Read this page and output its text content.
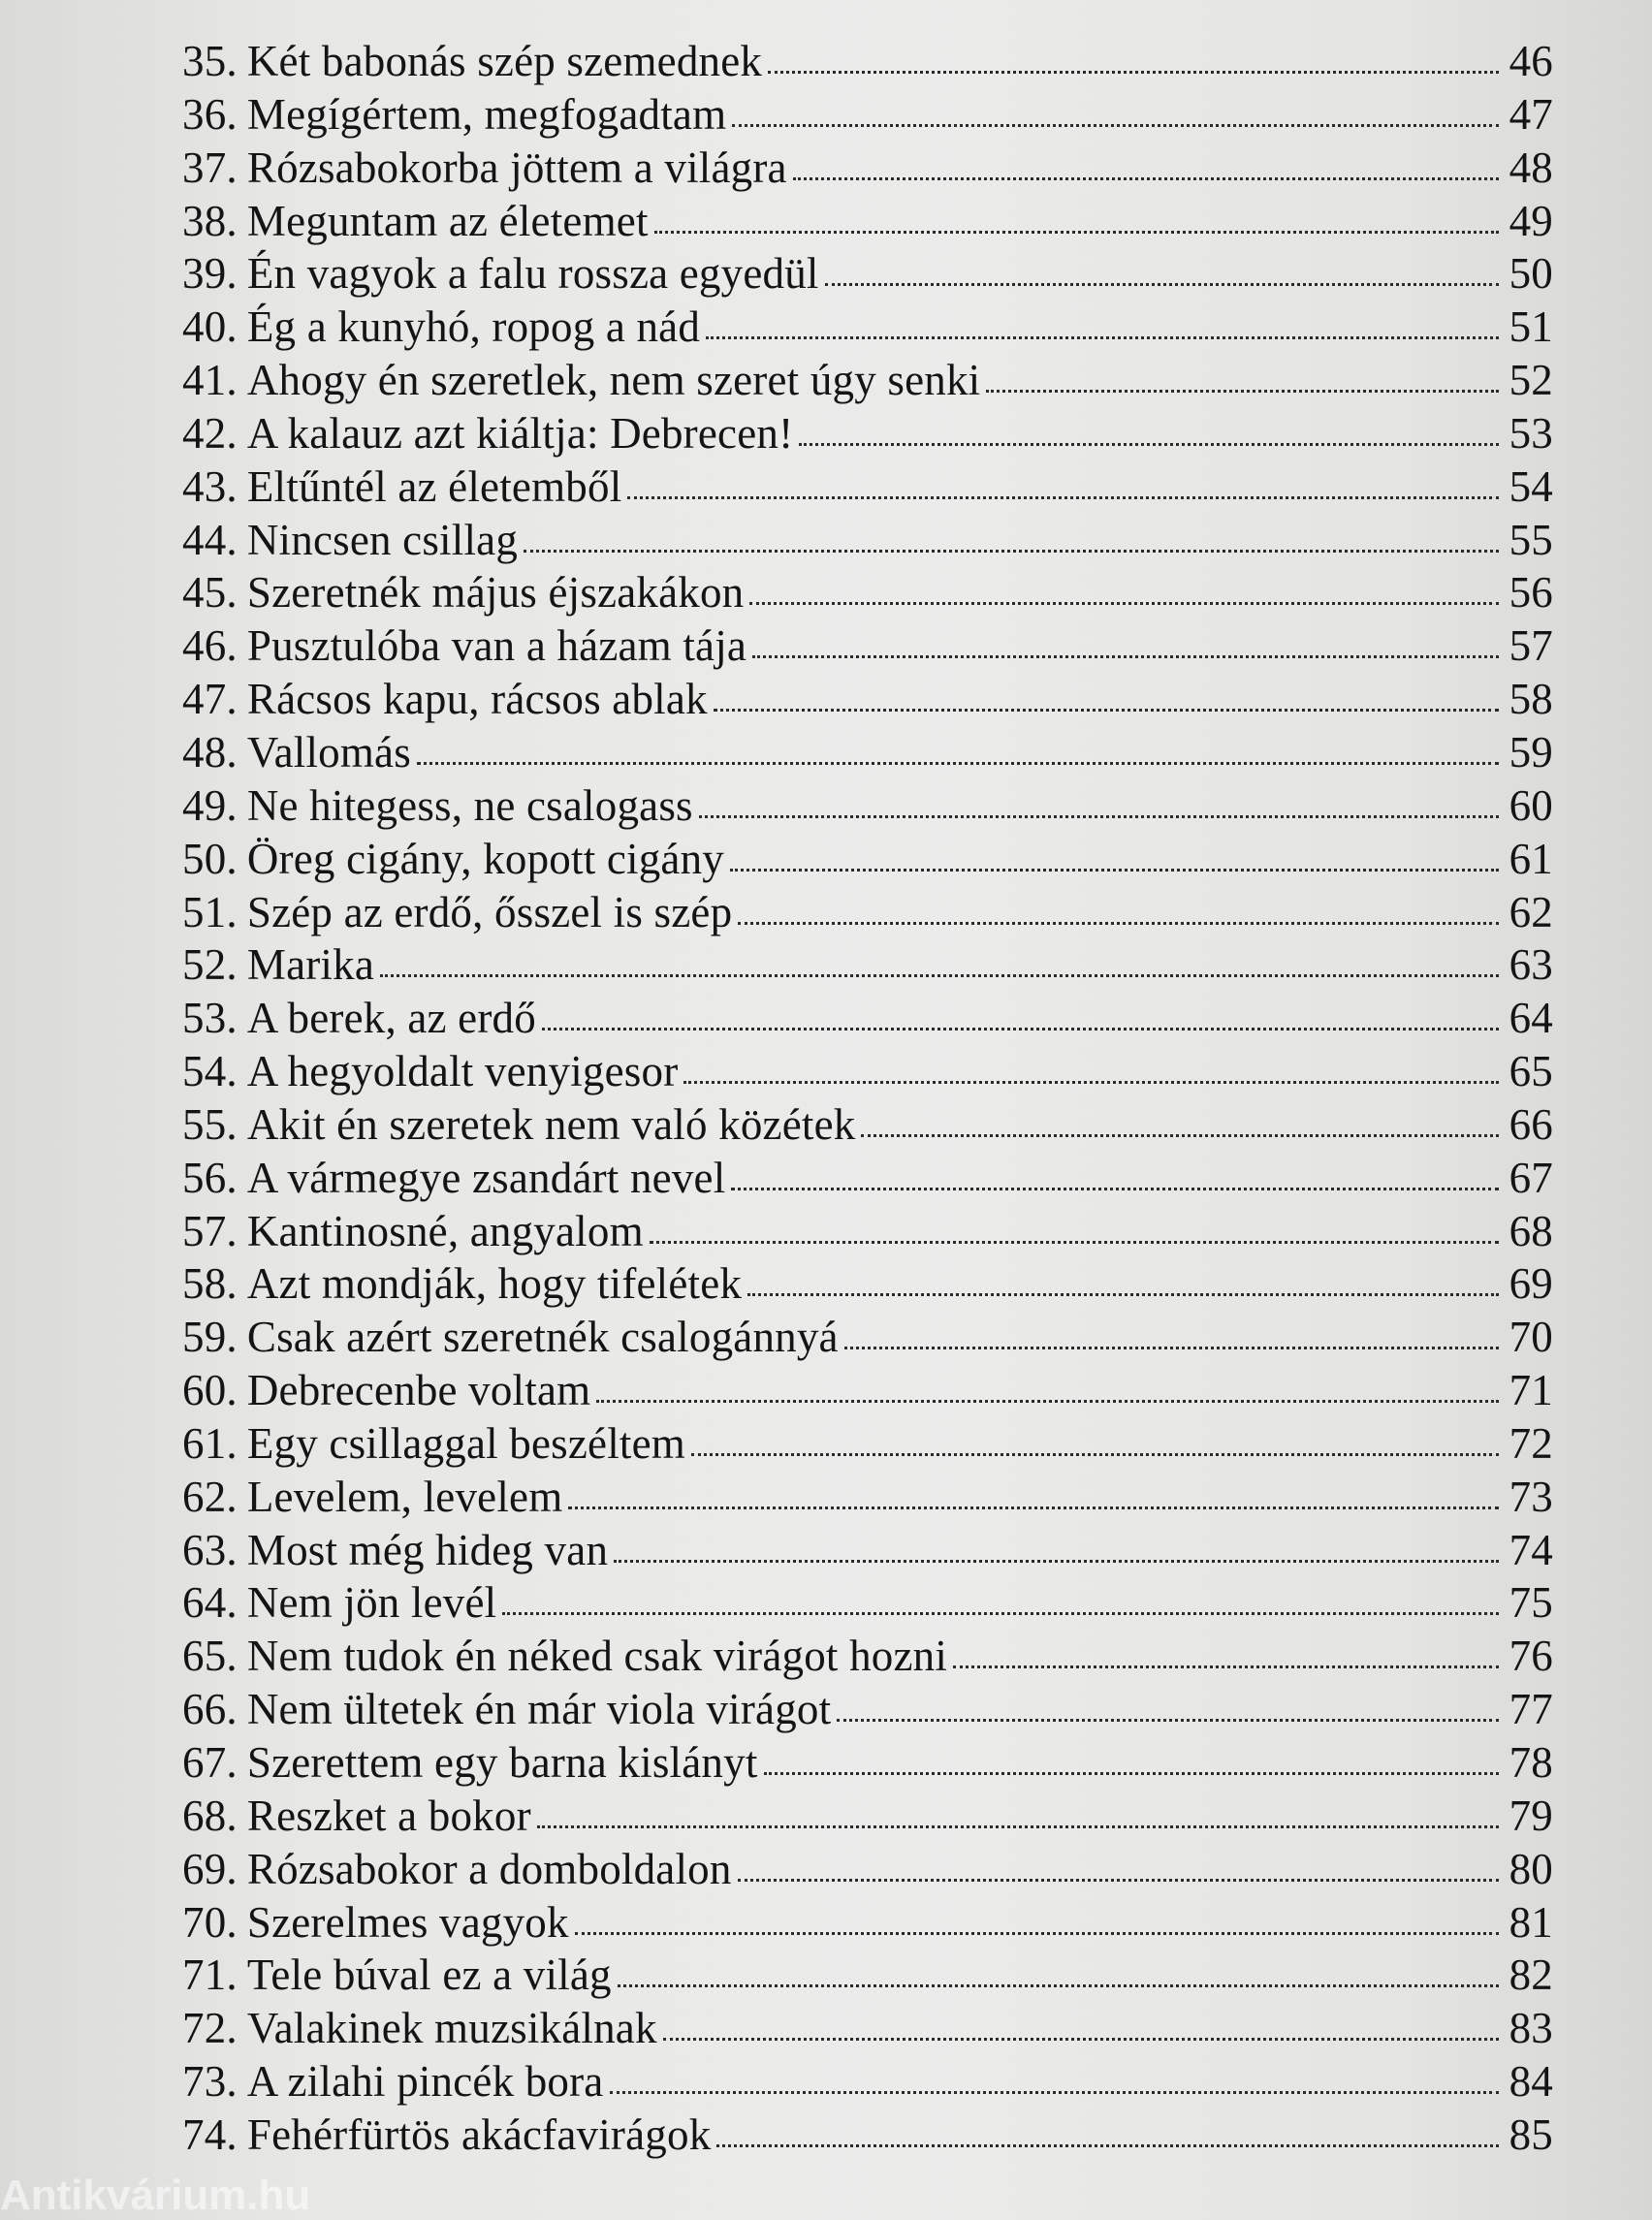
35. Két babonás szép szemednek	46
36. Megígértem, megfogadtam	47
37. Rózsabokorba jöttem a világra	48
38. Meguntam az életemet	49
39. Én vagyok a falu rossza egyedül	50
40. Ég a kunyhó, ropog a nád	51
41. Ahogy én szeretlek, nem szeret úgy senki	52
42. A kalauz azt kiáltja: Debrecen!	53
43. Eltűntél az életemből	54
44. Nincsen csillag	55
45. Szeretnék május éjszakákon	56
46. Pusztulóba van a házam tája	57
47. Rácsos kapu, rácsos ablak	58
48. Vallomás	59
49. Ne hitegess, ne csalogass	60
50. Öreg cigány, kopott cigány	61
51. Szép az erdő, ősszel is szép	62
52. Marika	63
53. A berek, az erdő	64
54. A hegyoldalt venyigesor	65
55. Akit én szeretek nem való közétek	66
56. A vármegye zsandárt nevel	67
57. Kantinosné, angyalom	68
58. Azt mondják, hogy tifelétek	69
59. Csak azért szeretnék csalogánnyá	70
60. Debrecenbe voltam	71
61. Egy csillaggal beszéltem	72
62. Levelem, levelem	73
63. Most még hideg van	74
64. Nem jön levél	75
65. Nem tudok én néked csak virágot hozni	76
66. Nem ültetek én már viola virágot	77
67. Szerettem egy barna kislányt	78
68. Reszket a bokor	79
69. Rózsabokor a domboldalon	80
70. Szerelmes vagyok	81
71. Tele búval ez a világ	82
72. Valakinek muzsikálnak	83
73. A zilahi pincék bora	84
74. Fehérfürtös akácfavirágok	85
Antikvárium.hu
